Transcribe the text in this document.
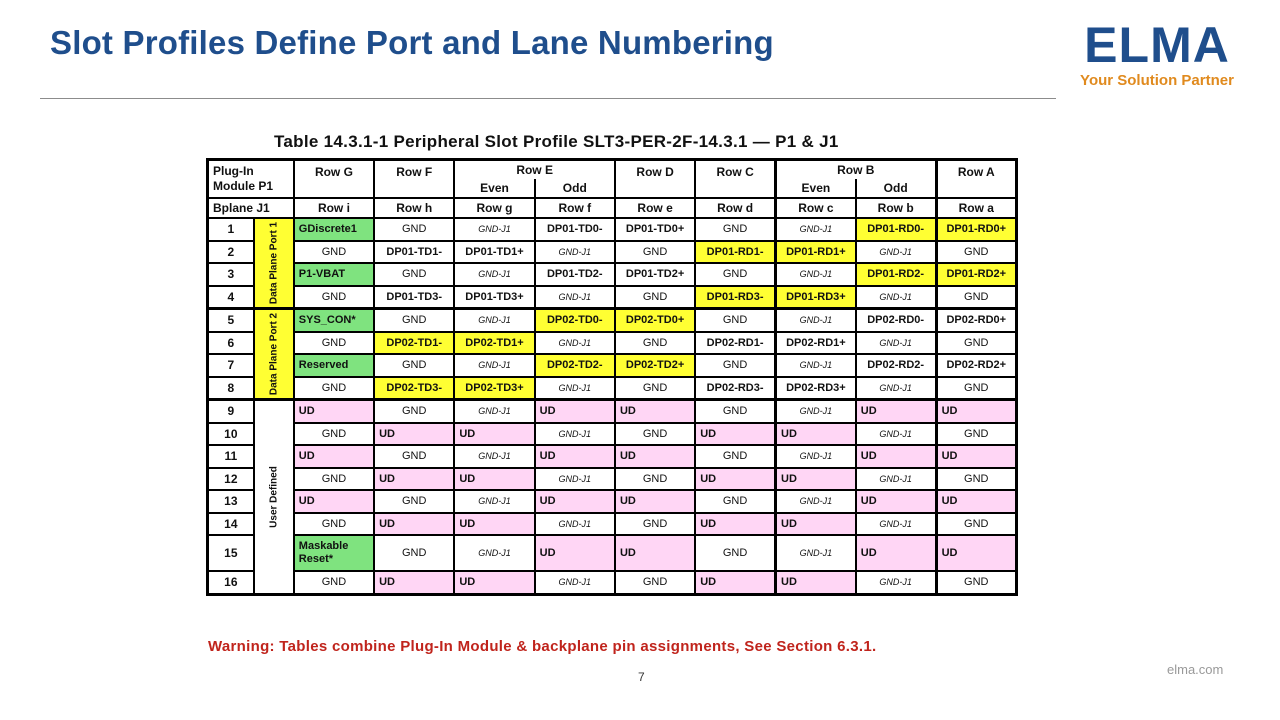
Slot Profiles Define Port and Lane Numbering	ELMA
Your Solution Partner

Table 14.3.1-1 Peripheral Slot Profile SLT3-PER-2F-14.3.1 — P1 & J1

Plug-In Module P1		Row G	Row F	Row E		Row D	Row C	Row B		Row A
				Even	Odd			Even	Odd	
Bplane J1		Row i	Row h	Row g	Row f	Row e	Row d	Row c	Row b	Row a
1	Data Plane Port 1	GDiscrete1	GND	GND-J1	DP01-TD0-	DP01-TD0+	GND	GND-J1	DP01-RD0-	DP01-RD0+
2		GND	DP01-TD1-	DP01-TD1+	GND-J1	GND	DP01-RD1-	DP01-RD1+	GND-J1	GND
3		P1-VBAT	GND	GND-J1	DP01-TD2-	DP01-TD2+	GND	GND-J1	DP01-RD2-	DP01-RD2+
4		GND	DP01-TD3-	DP01-TD3+	GND-J1	GND	DP01-RD3-	DP01-RD3+	GND-J1	GND
5	Data Plane Port 2	SYS_CON*	GND	GND-J1	DP02-TD0-	DP02-TD0+	GND	GND-J1	DP02-RD0-	DP02-RD0+
6		GND	DP02-TD1-	DP02-TD1+	GND-J1	GND	DP02-RD1-	DP02-RD1+	GND-J1	GND
7		Reserved	GND	GND-J1	DP02-TD2-	DP02-TD2+	GND	GND-J1	DP02-RD2-	DP02-RD2+
8		GND	DP02-TD3-	DP02-TD3+	GND-J1	GND	DP02-RD3-	DP02-RD3+	GND-J1	GND
9	User Defined	UD	GND	GND-J1	UD	UD	GND	GND-J1	UD	UD
10		GND	UD	UD	GND-J1	GND	UD	UD	GND-J1	GND
11		UD	GND	GND-J1	UD	UD	GND	GND-J1	UD	UD
12		GND	UD	UD	GND-J1	GND	UD	UD	GND-J1	GND
13		UD	GND	GND-J1	UD	UD	GND	GND-J1	UD	UD
14		GND	UD	UD	GND-J1	GND	UD	UD	GND-J1	GND
15		Maskable Reset*	GND	GND-J1	UD	UD	GND	GND-J1	UD	UD
16		GND	UD	UD	GND-J1	GND	UD	UD	GND-J1	GND

Warning: Tables combine Plug-In Module & backplane pin assignments, See Section 6.3.1.

7	elma.com
